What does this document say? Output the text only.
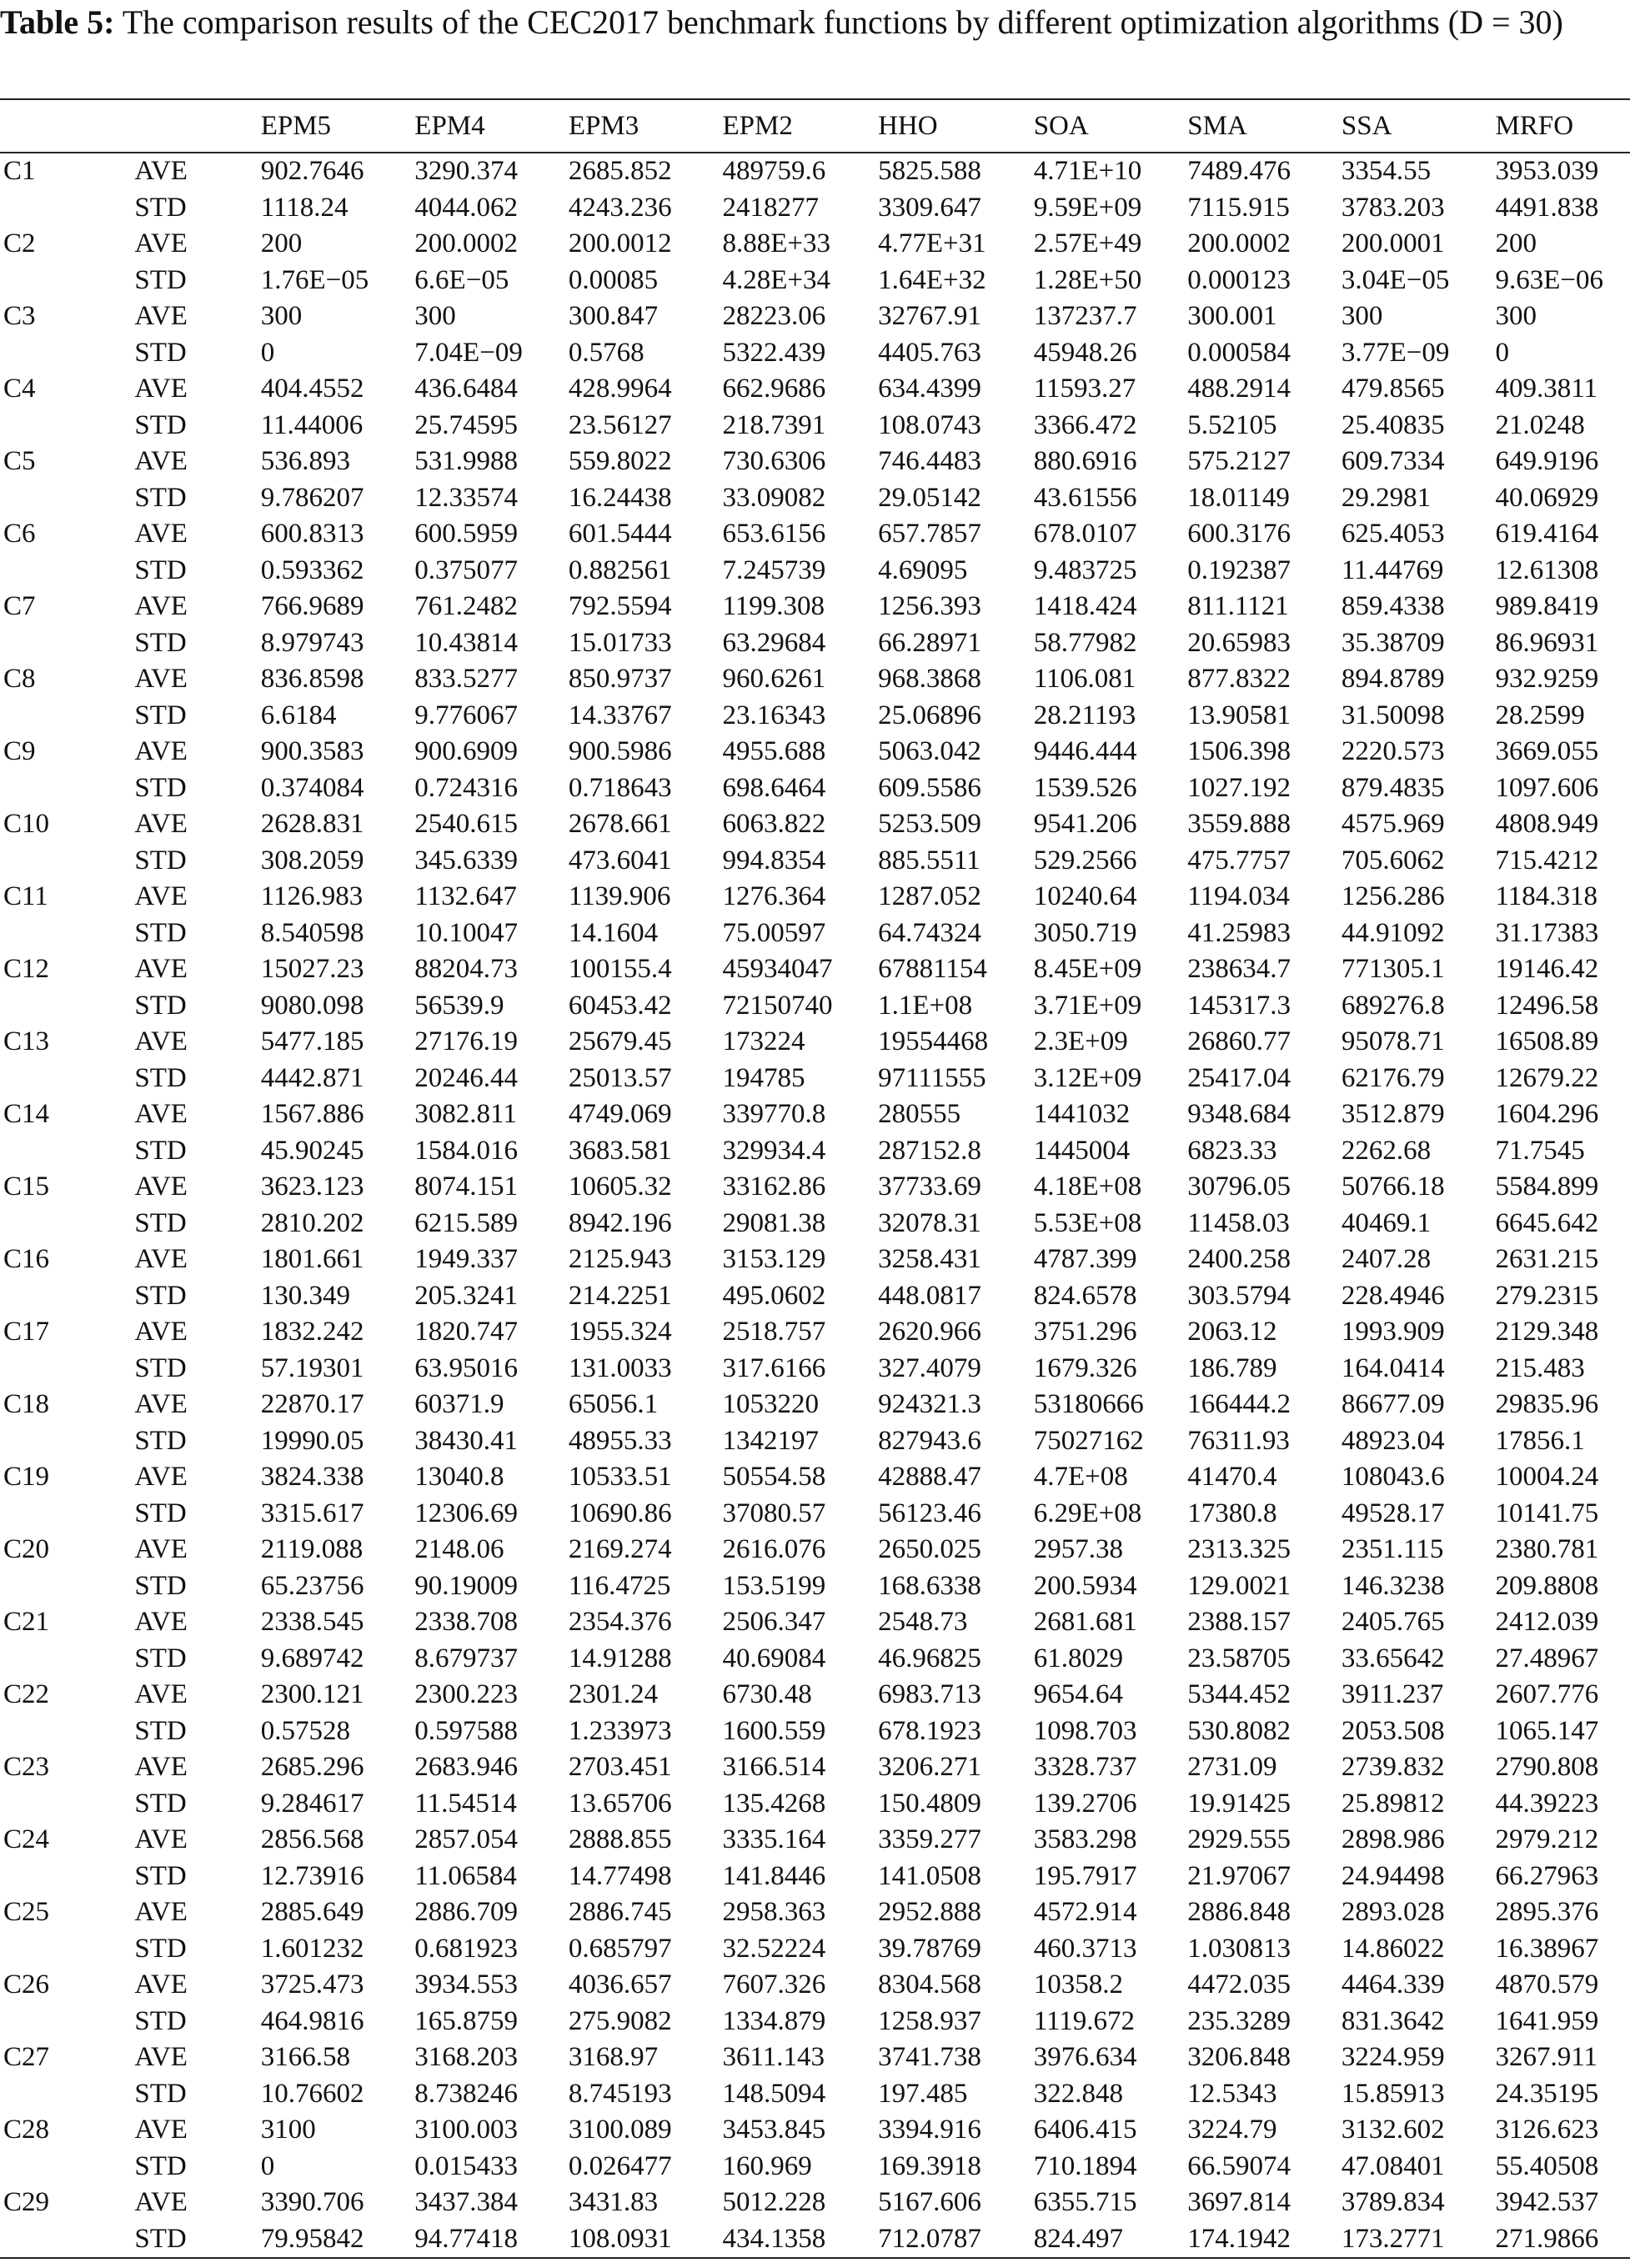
Table 5: The comparison results of the CEC2017 benchmark functions by different optimization algorithms (D = 30)
		EPM5	EPM4	EPM3	EPM2	HHO	SOA	SMA	SSA	MRFO
C1	AVE	902.7646	3290.374	2685.852	489759.6	5825.588	4.71E+10	7489.476	3354.55	3953.039
	STD	1118.24	4044.062	4243.236	2418277	3309.647	9.59E+09	7115.915	3783.203	4491.838
C2	AVE	200	200.0002	200.0012	8.88E+33	4.77E+31	2.57E+49	200.0002	200.0001	200
	STD	1.76E−05	6.6E−05	0.00085	4.28E+34	1.64E+32	1.28E+50	0.000123	3.04E−05	9.63E−06
C3	AVE	300	300	300.847	28223.06	32767.91	137237.7	300.001	300	300
	STD	0	7.04E−09	0.5768	5322.439	4405.763	45948.26	0.000584	3.77E−09	0
C4	AVE	404.4552	436.6484	428.9964	662.9686	634.4399	11593.27	488.2914	479.8565	409.3811
	STD	11.44006	25.74595	23.56127	218.7391	108.0743	3366.472	5.52105	25.40835	21.0248
C5	AVE	536.893	531.9988	559.8022	730.6306	746.4483	880.6916	575.2127	609.7334	649.9196
	STD	9.786207	12.33574	16.24438	33.09082	29.05142	43.61556	18.01149	29.2981	40.06929
C6	AVE	600.8313	600.5959	601.5444	653.6156	657.7857	678.0107	600.3176	625.4053	619.4164
	STD	0.593362	0.375077	0.882561	7.245739	4.69095	9.483725	0.192387	11.44769	12.61308
C7	AVE	766.9689	761.2482	792.5594	1199.308	1256.393	1418.424	811.1121	859.4338	989.8419
	STD	8.979743	10.43814	15.01733	63.29684	66.28971	58.77982	20.65983	35.38709	86.96931
C8	AVE	836.8598	833.5277	850.9737	960.6261	968.3868	1106.081	877.8322	894.8789	932.9259
	STD	6.6184	9.776067	14.33767	23.16343	25.06896	28.21193	13.90581	31.50098	28.2599
C9	AVE	900.3583	900.6909	900.5986	4955.688	5063.042	9446.444	1506.398	2220.573	3669.055
	STD	0.374084	0.724316	0.718643	698.6464	609.5586	1539.526	1027.192	879.4835	1097.606
C10	AVE	2628.831	2540.615	2678.661	6063.822	5253.509	9541.206	3559.888	4575.969	4808.949
	STD	308.2059	345.6339	473.6041	994.8354	885.5511	529.2566	475.7757	705.6062	715.4212
C11	AVE	1126.983	1132.647	1139.906	1276.364	1287.052	10240.64	1194.034	1256.286	1184.318
	STD	8.540598	10.10047	14.1604	75.00597	64.74324	3050.719	41.25983	44.91092	31.17383
C12	AVE	15027.23	88204.73	100155.4	45934047	67881154	8.45E+09	238634.7	771305.1	19146.42
	STD	9080.098	56539.9	60453.42	72150740	1.1E+08	3.71E+09	145317.3	689276.8	12496.58
C13	AVE	5477.185	27176.19	25679.45	173224	19554468	2.3E+09	26860.77	95078.71	16508.89
	STD	4442.871	20246.44	25013.57	194785	97111555	3.12E+09	25417.04	62176.79	12679.22
C14	AVE	1567.886	3082.811	4749.069	339770.8	280555	1441032	9348.684	3512.879	1604.296
	STD	45.90245	1584.016	3683.581	329934.4	287152.8	1445004	6823.33	2262.68	71.7545
C15	AVE	3623.123	8074.151	10605.32	33162.86	37733.69	4.18E+08	30796.05	50766.18	5584.899
	STD	2810.202	6215.589	8942.196	29081.38	32078.31	5.53E+08	11458.03	40469.1	6645.642
C16	AVE	1801.661	1949.337	2125.943	3153.129	3258.431	4787.399	2400.258	2407.28	2631.215
	STD	130.349	205.3241	214.2251	495.0602	448.0817	824.6578	303.5794	228.4946	279.2315
C17	AVE	1832.242	1820.747	1955.324	2518.757	2620.966	3751.296	2063.12	1993.909	2129.348
	STD	57.19301	63.95016	131.0033	317.6166	327.4079	1679.326	186.789	164.0414	215.483
C18	AVE	22870.17	60371.9	65056.1	1053220	924321.3	53180666	166444.2	86677.09	29835.96
	STD	19990.05	38430.41	48955.33	1342197	827943.6	75027162	76311.93	48923.04	17856.1
C19	AVE	3824.338	13040.8	10533.51	50554.58	42888.47	4.7E+08	41470.4	108043.6	10004.24
	STD	3315.617	12306.69	10690.86	37080.57	56123.46	6.29E+08	17380.8	49528.17	10141.75
C20	AVE	2119.088	2148.06	2169.274	2616.076	2650.025	2957.38	2313.325	2351.115	2380.781
	STD	65.23756	90.19009	116.4725	153.5199	168.6338	200.5934	129.0021	146.3238	209.8808
C21	AVE	2338.545	2338.708	2354.376	2506.347	2548.73	2681.681	2388.157	2405.765	2412.039
	STD	9.689742	8.679737	14.91288	40.69084	46.96825	61.8029	23.58705	33.65642	27.48967
C22	AVE	2300.121	2300.223	2301.24	6730.48	6983.713	9654.64	5344.452	3911.237	2607.776
	STD	0.57528	0.597588	1.233973	1600.559	678.1923	1098.703	530.8082	2053.508	1065.147
C23	AVE	2685.296	2683.946	2703.451	3166.514	3206.271	3328.737	2731.09	2739.832	2790.808
	STD	9.284617	11.54514	13.65706	135.4268	150.4809	139.2706	19.91425	25.89812	44.39223
C24	AVE	2856.568	2857.054	2888.855	3335.164	3359.277	3583.298	2929.555	2898.986	2979.212
	STD	12.73916	11.06584	14.77498	141.8446	141.0508	195.7917	21.97067	24.94498	66.27963
C25	AVE	2885.649	2886.709	2886.745	2958.363	2952.888	4572.914	2886.848	2893.028	2895.376
	STD	1.601232	0.681923	0.685797	32.52224	39.78769	460.3713	1.030813	14.86022	16.38967
C26	AVE	3725.473	3934.553	4036.657	7607.326	8304.568	10358.2	4472.035	4464.339	4870.579
	STD	464.9816	165.8759	275.9082	1334.879	1258.937	1119.672	235.3289	831.3642	1641.959
C27	AVE	3166.58	3168.203	3168.97	3611.143	3741.738	3976.634	3206.848	3224.959	3267.911
	STD	10.76602	8.738246	8.745193	148.5094	197.485	322.848	12.5343	15.85913	24.35195
C28	AVE	3100	3100.003	3100.089	3453.845	3394.916	6406.415	3224.79	3132.602	3126.623
	STD	0	0.015433	0.026477	160.969	169.3918	710.1894	66.59074	47.08401	55.40508
C29	AVE	3390.706	3437.384	3431.83	5012.228	5167.606	6355.715	3697.814	3789.834	3942.537
	STD	79.95842	94.77418	108.0931	434.1358	712.0787	824.497	174.1942	173.2771	271.9866
